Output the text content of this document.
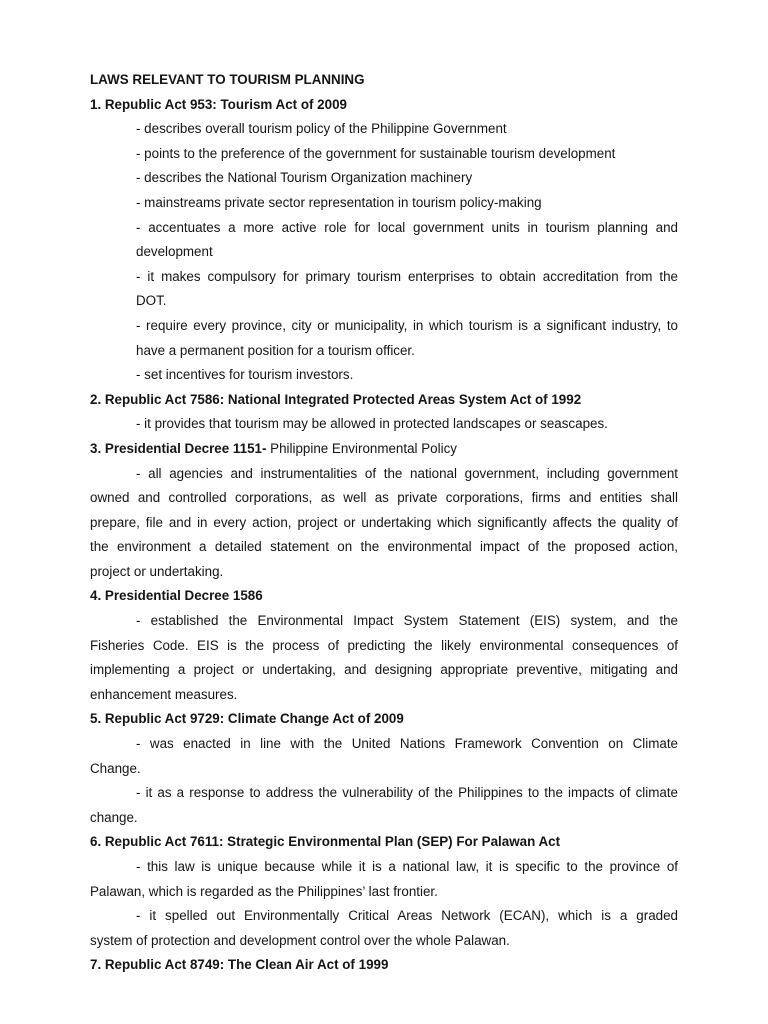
LAWS RELEVANT TO TOURISM PLANNING
1. Republic Act 953: Tourism Act of 2009
- describes overall tourism policy of the Philippine Government
- points to the preference of the government for sustainable tourism development
- describes the National Tourism Organization machinery
- mainstreams private sector representation in tourism policy-making
- accentuates a more active role for local government units in tourism planning and
development
- it makes compulsory for primary tourism enterprises to obtain accreditation from the
DOT.
- require every province, city or municipality, in which tourism is a significant industry, to
have a permanent position for a tourism officer.
- set incentives for tourism investors.
2. Republic Act 7586: National Integrated Protected Areas System Act of 1992
- it provides that tourism may be allowed in protected landscapes or seascapes.
3. Presidential Decree 1151- Philippine Environmental Policy
- all agencies and instrumentalities of the national government, including government
owned and controlled corporations, as well as private corporations, firms and entities shall
prepare, file and in every action, project or undertaking which significantly affects the quality of
the environment a detailed statement on the environmental impact of the proposed action,
project or undertaking.
4. Presidential Decree 1586
- established the Environmental Impact System Statement (EIS) system, and the
Fisheries Code. EIS is the process of predicting the likely environmental consequences of
implementing a project or undertaking, and designing appropriate preventive, mitigating and
enhancement measures.
5. Republic Act 9729: Climate Change Act of 2009
- was enacted in line with the United Nations Framework Convention on Climate
Change.
- it as a response to address the vulnerability of the Philippines to the impacts of climate
change.
6. Republic Act 7611: Strategic Environmental Plan (SEP) For Palawan Act
- this law is unique because while it is a national law, it is specific to the province of
Palawan, which is regarded as the Philippines’ last frontier.
- it spelled out Environmentally Critical Areas Network (ECAN), which is a graded
system of protection and development control over the whole Palawan.
7. Republic Act 8749: The Clean Air Act of 1999
